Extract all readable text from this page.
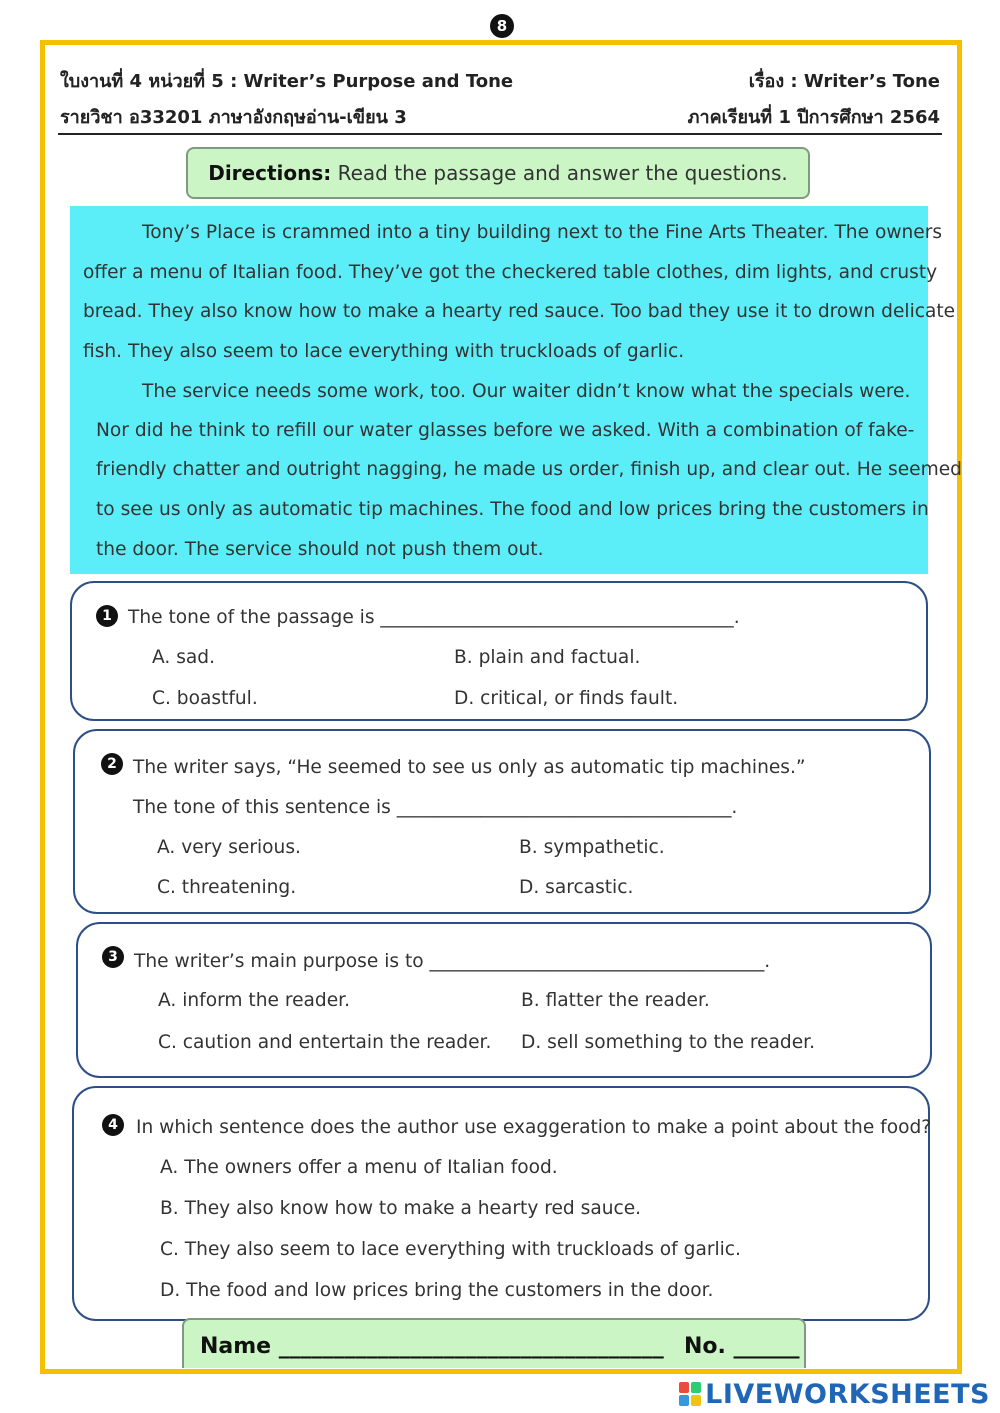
8
ใบงานที่ 4 หน่วยที่ 5 : Writer’s Purpose and Tone	เรื่อง : Writer’s Tone
รายวิชา อ33201 ภาษาอังกฤษอ่าน-เขียน 3	ภาคเรียนที่ 1 ปีการศึกษา 2564
Directions: Read the passage and answer the questions.
Tony’s Place is crammed into a tiny building next to the Fine Arts Theater. The owners
offer a menu of Italian food. They’ve got the checkered table clothes, dim lights, and crusty
bread. They also know how to make a hearty red sauce. Too bad they use it to drown delicate
fish. They also seem to lace everything with truckloads of garlic.
The service needs some work, too. Our waiter didn’t know what the specials were.
Nor did he think to refill our water glasses before we asked. With a combination of fake-
friendly chatter and outright nagging, he made us order, finish up, and clear out. He seemed
to see us only as automatic tip machines. The food and low prices bring the customers in
the door. The service should not push them out.
1 The tone of the passage is ______________________________________.
A. sad.	B. plain and factual.
C. boastful.	D. critical, or finds fault.
2 The writer says, “He seemed to see us only as automatic tip machines.”
The tone of this sentence is ____________________________________.
A. very serious.	B. sympathetic.
C. threatening.	D. sarcastic.
3 The writer’s main purpose is to ____________________________________.
A. inform the reader.	B. flatter the reader.
C. caution and entertain the reader. D. sell something to the reader.
4 In which sentence does the author use exaggeration to make a point about the food?
A. The owners offer a menu of Italian food.
B. They also know how to make a hearty red sauce.
C. They also seem to lace everything with truckloads of garlic.
D. The food and low prices bring the customers in the door.
Name ___________________________________ No. ______
LIVEWORKSHEETS
